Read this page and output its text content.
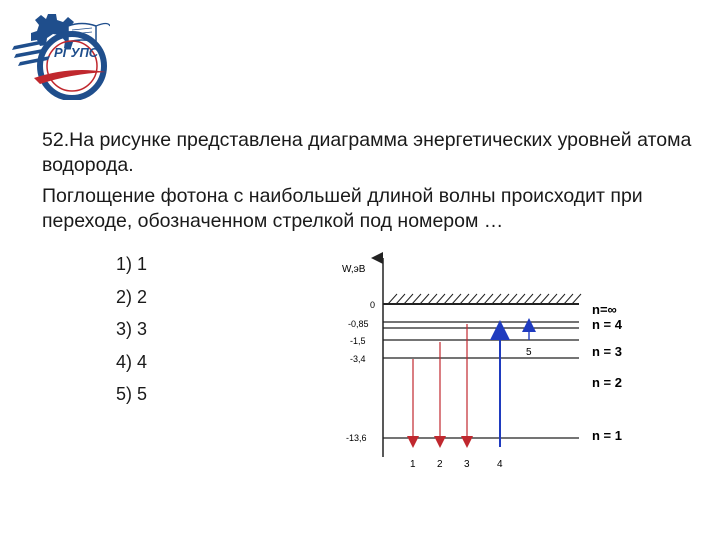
РГУПС

52.На рисунке представлена диаграмма энергетических уровней атома водорода.

Поглощение фотона с наибольшей длиной волны происходит при переходе, обозначенном стрелкой под номером …

1) 1
2) 2
3) 3
4) 4
5) 5
W,эВ
0
-0,85
-1,5
-3,4
-13,6
n=∞
n = 4
n = 3
n = 2
n = 1
1 2 3	4
5
